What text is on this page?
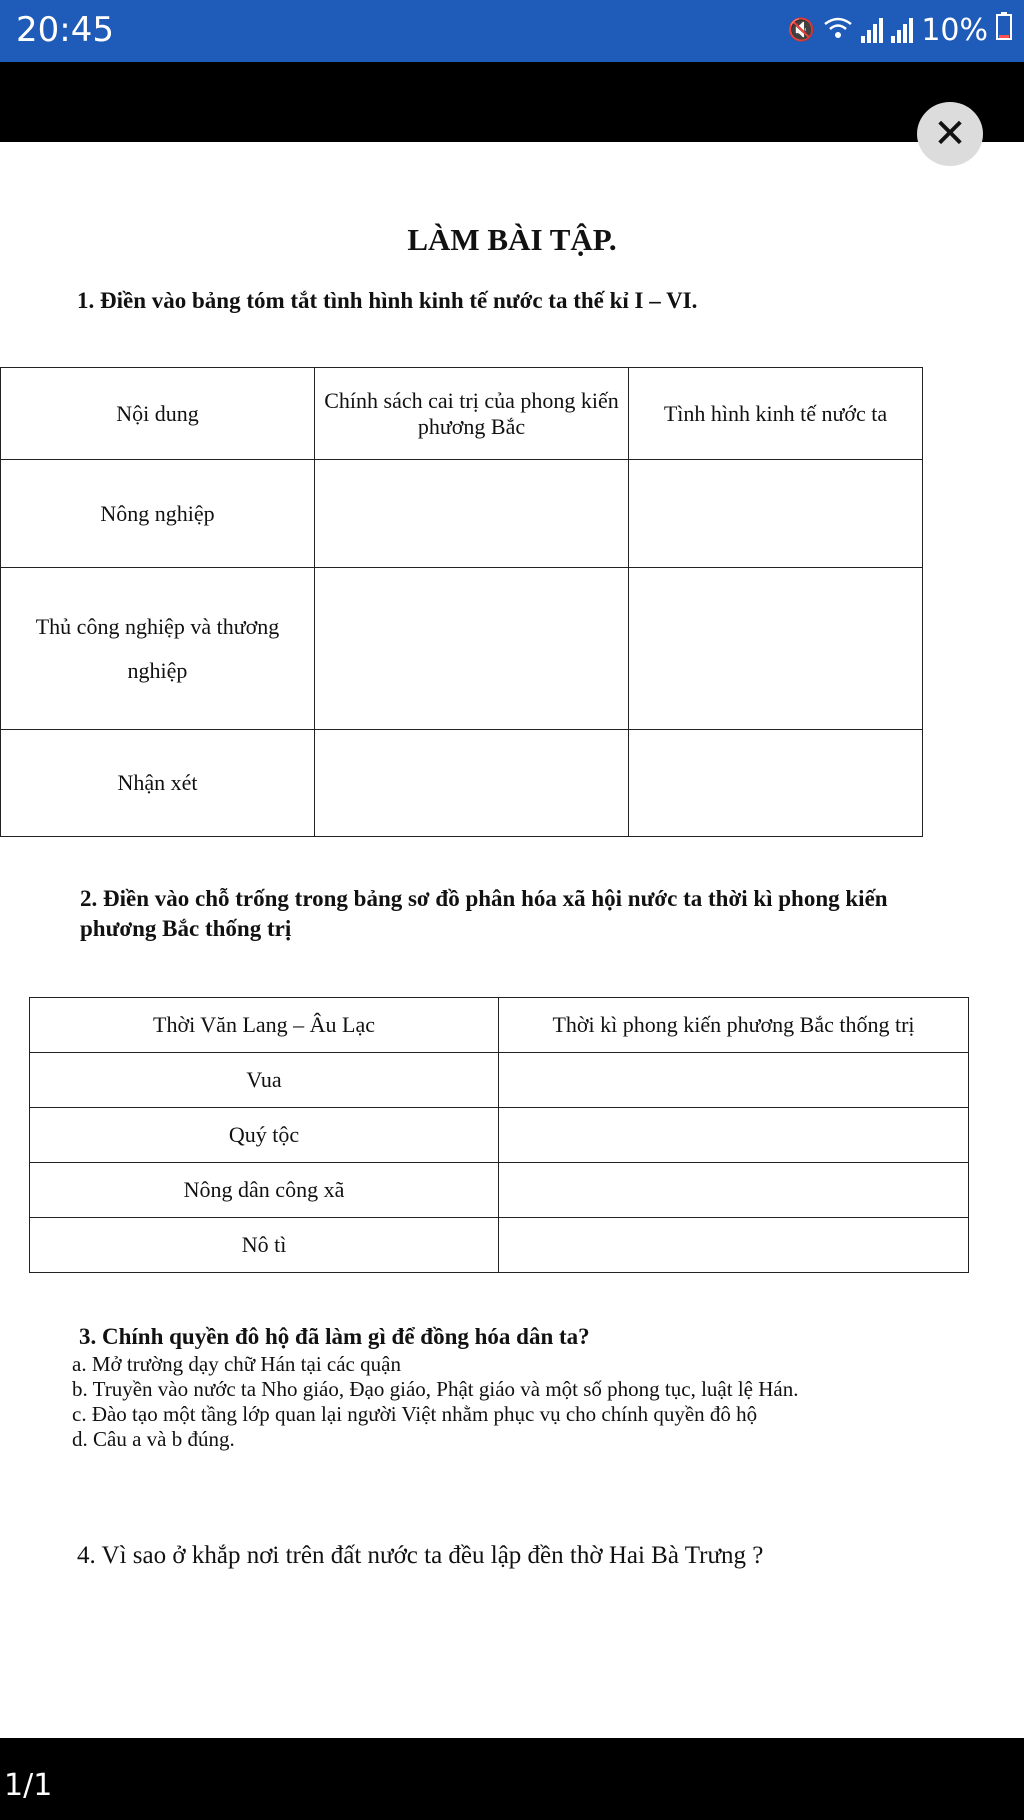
20:45	🔇	10%
✕
LÀM BÀI TẬP.
1. Điền vào bảng tóm tắt tình hình kinh tế nước ta thế kỉ I – VI.
Nội dung	Chính sách cai trị của phong kiến phương Bắc	Tình hình kinh tế nước ta
Nông nghiệp		
Thủ công nghiệp và thương nghiệp		
Nhận xét		
2. Điền vào chỗ trống trong bảng sơ đồ phân hóa xã hội nước ta thời kì phong kiến phương Bắc thống trị
Thời Văn Lang – Âu Lạc	Thời kì phong kiến phương Bắc thống trị
Vua	
Quý tộc	
Nông dân công xã	
Nô tì	
3. Chính quyền đô hộ đã làm gì để đồng hóa dân ta?
a. Mở trường dạy chữ Hán tại các quận
b. Truyền vào nước ta Nho giáo, Đạo giáo, Phật giáo và một số phong tục, luật lệ Hán.
c. Đào tạo một tầng lớp quan lại người Việt nhằm phục vụ cho chính quyền đô hộ
d. Câu a và b đúng.
4. Vì sao ở khắp nơi trên đất nước ta đều lập đền thờ Hai Bà Trưng ?
1/1
